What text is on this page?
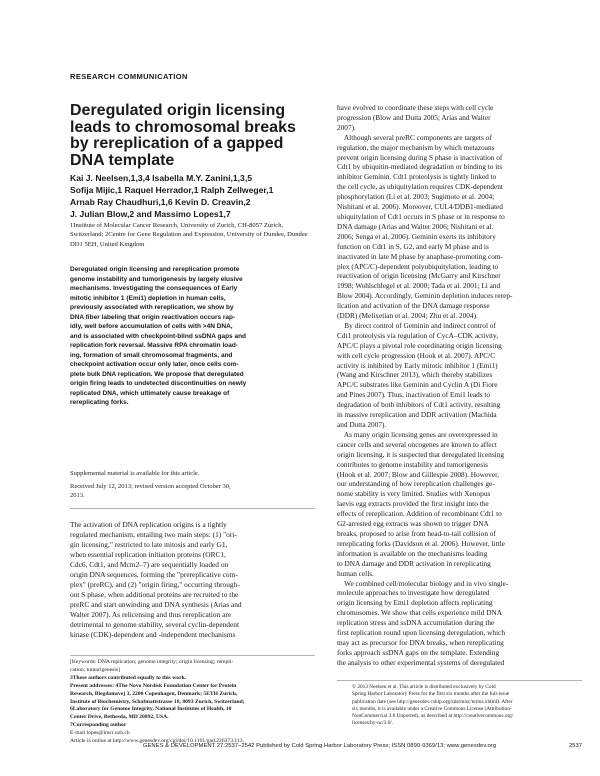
RESEARCH COMMUNICATION
Deregulated origin licensing
leads to chromosomal breaks
by rereplication of a gapped
DNA template
Kai J. Neelsen,1,3,4 Isabella M.Y. Zanini,1,3,5
Sofija Mijic,1 Raquel Herrador,1 Ralph Zellweger,1
Arnab Ray Chaudhuri,1,6 Kevin D. Creavin,2
J. Julian Blow,2 and Massimo Lopes1,7
1Institute of Molecular Cancer Research, University of Zurich, CH-8057 Zurich, Switzerland; 2Centre for Gene Regulation and Expression, University of Dundee, Dundee DD1 5EH, United Kingdom
Deregulated origin licensing and rereplication promote
genome instability and tumorigenesis by largely elusive
mechanisms. Investigating the consequences of Early
mitotic inhibitor 1 (Emi1) depletion in human cells,
previously associated with rereplication, we show by
DNA fiber labeling that origin reactivation occurs rap-
idly, well before accumulation of cells with >4N DNA,
and is associated with checkpoint-blind ssDNA gaps and
replication fork reversal. Massive RPA chromatin load-
ing, formation of small chromosomal fragments, and
checkpoint activation occur only later, once cells com-
plete bulk DNA replication. We propose that deregulated
origin firing leads to undetected discontinuities on newly
replicated DNA, which ultimately cause breakage of
rereplicating forks.
Supplemental material is available for this article.
Received July 12, 2013; revised version accepted October 30,
2013.
The activation of DNA replication origins is a tightly
regulated mechanism, entailing two main steps: (1) "ori-
gin licensing," restricted to late mitosis and early G1,
when essential replication initiation proteins (ORC1,
Cdc6, Cdt1, and Mcm2–7) are sequentially loaded on
origin DNA sequences, forming the "prereplicative com-
plex" (preRC), and (2) "origin firing," occurring through-
out S phase, when additional proteins are recruited to the
preRC and start unwinding and DNA synthesis (Arias and
Walter 2007). As relicensing and thus rereplication are
detrimental to genome stability, several cyclin-dependent
kinase (CDK)-dependent and -independent mechanisms
[Keywords: DNA replication; genome integrity; origin licensing; rerepli-
cation; tumorigenesis]
3These authors contributed equally to this work.
Present addresses: 4The Novo Nordisk Foundation Center for Protein
Research, Blegdamsvej 3, 2200 Copenhagen, Denmark; 5ETH Zurich,
Institute of Biochemistry, Schafmattstrasse 18, 8093 Zurich, Switzerland;
6Laboratory for Genome Integrity, National Institutes of Health, 10
Center Drive, Bethesda, MD 20892, USA.
7Corresponding author
E-mail lopes@imcr.uzh.ch
Article is online at http://www.genesdev.org/cgi/doi/10.1101/gad.226373.113.
have evolved to coordinate these steps with cell cycle
progression (Blow and Dutta 2005; Arias and Walter
2007).
Although several preRC components are targets of
regulation, the major mechanism by which metazoans
prevent origin licensing during S phase is inactivation of
Cdt1 by ubiquitin-mediated degradation or binding to its
inhibitor Geminin. Cdt1 proteolysis is tightly linked to
the cell cycle, as ubiquitylation requires CDK-dependent
phosphorylation (Li et al. 2003; Sugimoto et al. 2004;
Nishitani et al. 2006). Moreover, CUL4/DDB1-mediated
ubiquitylation of Cdt1 occurs in S phase or in response to
DNA damage (Arias and Walter 2006; Nishitani et al.
2006; Senga et al. 2006). Geminin exerts its inhibitory
function on Cdt1 in S, G2, and early M phase and is
inactivated in late M phase by anaphase-promoting com-
plex (APC/C)-dependent polyubiquitylation, leading to
reactivation of origin licensing (McGarry and Kirschner
1998; Wohlschlegel et al. 2000; Tada et al. 2001; Li and
Blow 2004). Accordingly, Geminin depletion induces rerep-
lication and activation of the DNA damage response
(DDR) (Melixetian et al. 2004; Zhu et al. 2004).
By direct control of Geminin and indirect control of
Cdt1 proteolysis via regulation of CycA–CDK activity,
APC/C plays a pivotal role coordinating origin licensing
with cell cycle progression (Hook et al. 2007). APC/C
activity is inhibited by Early mitotic inhibitor 1 (Emi1)
(Wang and Kirschner 2013), which thereby stabilizes
APC/C substrates like Geminin and Cyclin A (Di Fiore
and Pines 2007). Thus, inactivation of Emi1 leads to
degradation of both inhibitors of Cdt1 activity, resulting
in massive rereplication and DDR activation (Machida
and Dutta 2007).
As many origin licensing genes are overexpressed in
cancer cells and several oncogenes are known to affect
origin licensing, it is suspected that deregulated licensing
contributes to genome instability and tumorigenesis
(Hook et al. 2007; Blow and Gillespie 2008). However,
our understanding of how rereplication challenges ge-
nome stability is very limited. Studies with Xenopus
laevis egg extracts provided the first insight into the
effects of rereplication. Addition of recombinant Cdt1 to
G2-arrested egg extracts was shown to trigger DNA
breaks, proposed to arise from head-to-tail collision of
rereplicating forks (Davidson et al. 2006). However, little
information is available on the mechanisms leading
to DNA damage and DDR activation in rereplicating
human cells.
We combined cell/molecular biology and in vivo single-
molecule approaches to investigate how deregulated
origin licensing by Emi1 depletion affects replicating
chromosomes. We show that cells experience mild DNA
replication stress and ssDNA accumulation during the
first replication round upon licensing deregulation, which
may act as precursor for DNA breaks, when rereplicating
forks approach ssDNA gaps on the template. Extending
the analysis to other experimental systems of deregulated
© 2013 Neelsen et al. This article is distributed exclusively by Cold
Spring Harbor Laboratory Press for the first six months after the full-issue
publication date (see http://genesdev.cshlp.org/site/misc/terms.xhtml). After
six months, it is available under a Creative Commons License (Attribution-
NonCommercial 3.0 Unported), as described at http://creativecommons.org/
licenses/by-nc/3.0/.
GENES & DEVELOPMENT 27:2537–2542 Published by Cold Spring Harbor Laboratory Press; ISSN 0890-9369/13; www.genesdev.org	2537
